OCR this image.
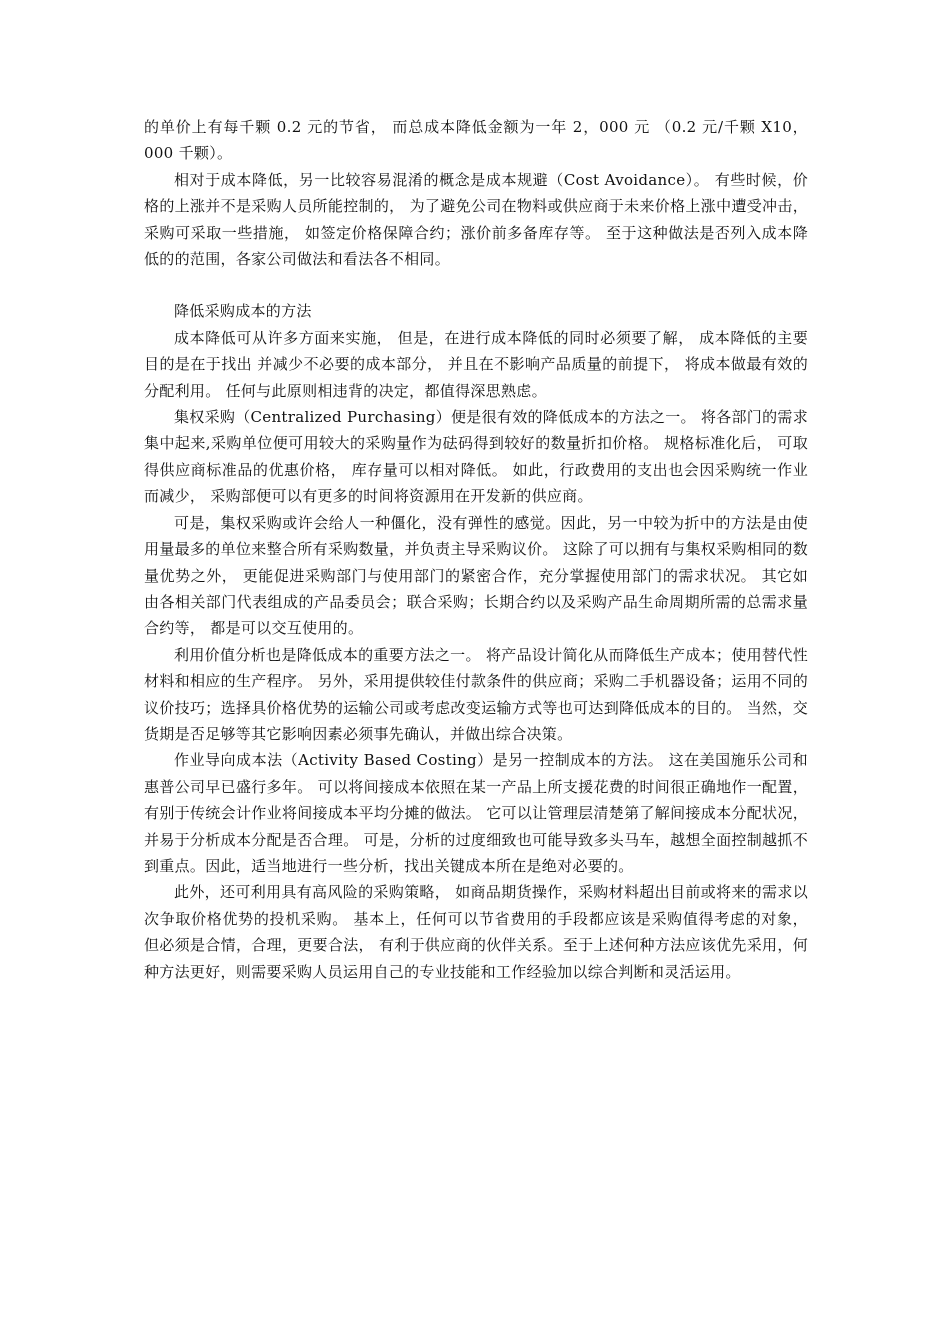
的单价上有每千颗 0.2 元的节省， 而总成本降低金额为一年 2，000 元 （0.2 元/千颗 X10，000 千颗）。

相对于成本降低，另一比较容易混淆的概念是成本规避（Cost Avoidance）。 有些时候，价格的上涨并不是采购人员所能控制的， 为了避免公司在物料或供应商于未来价格上涨中遭受冲击， 采购可采取一些措施， 如签定价格保障合约；涨价前多备库存等。 至于这种做法是否列入成本降低的的范围，各家公司做法和看法各不相同。

降低采购成本的方法

成本降低可从许多方面来实施， 但是，在进行成本降低的同时必须要了解， 成本降低的主要目的是在于找出 并减少不必要的成本部分， 并且在不影响产品质量的前提下， 将成本做最有效的分配利用。 任何与此原则相违背的决定，都值得深思熟虑。

集权采购（Centralized Purchasing）便是很有效的降低成本的方法之一。 将各部门的需求集中起来,采购单位便可用较大的采购量作为砝码得到较好的数量折扣价格。 规格标准化后， 可取得供应商标准品的优惠价格， 库存量可以相对降低。 如此，行政费用的支出也会因采购统一作业而减少， 采购部便可以有更多的时间将资源用在开发新的供应商。

可是，集权采购或许会给人一种僵化，没有弹性的感觉。因此，另一中较为折中的方法是由使用量最多的单位来整合所有采购数量，并负责主导采购议价。 这除了可以拥有与集权采购相同的数量优势之外， 更能促进采购部门与使用部门的紧密合作，充分掌握使用部门的需求状况。 其它如由各相关部门代表组成的产品委员会；联合采购；长期合约以及采购产品生命周期所需的总需求量合约等， 都是可以交互使用的。

利用价值分析也是降低成本的重要方法之一。 将产品设计简化从而降低生产成本；使用替代性材料和相应的生产程序。 另外，采用提供较佳付款条件的供应商；采购二手机器设备；运用不同的议价技巧；选择具价格优势的运输公司或考虑改变运输方式等也可达到降低成本的目的。 当然，交货期是否足够等其它影响因素必须事先确认，并做出综合决策。

作业导向成本法（Activity Based Costing）是另一控制成本的方法。 这在美国施乐公司和惠普公司早已盛行多年。 可以将间接成本依照在某一产品上所支援花费的时间很正确地作一配置， 有别于传统会计作业将间接成本平均分摊的做法。 它可以让管理层清楚第了解间接成本分配状况， 并易于分析成本分配是否合理。 可是，分析的过度细致也可能导致多头马车，越想全面控制越抓不到重点。因此，适当地进行一些分析，找出关键成本所在是绝对必要的。

此外，还可利用具有高风险的采购策略， 如商品期货操作，采购材料超出目前或将来的需求以次争取价格优势的投机采购。 基本上，任何可以节省费用的手段都应该是采购值得考虑的对象， 但必须是合情，合理，更要合法， 有利于供应商的伙伴关系。至于上述何种方法应该优先采用，何种方法更好，则需要采购人员运用自己的专业技能和工作经验加以综合判断和灵活运用。
